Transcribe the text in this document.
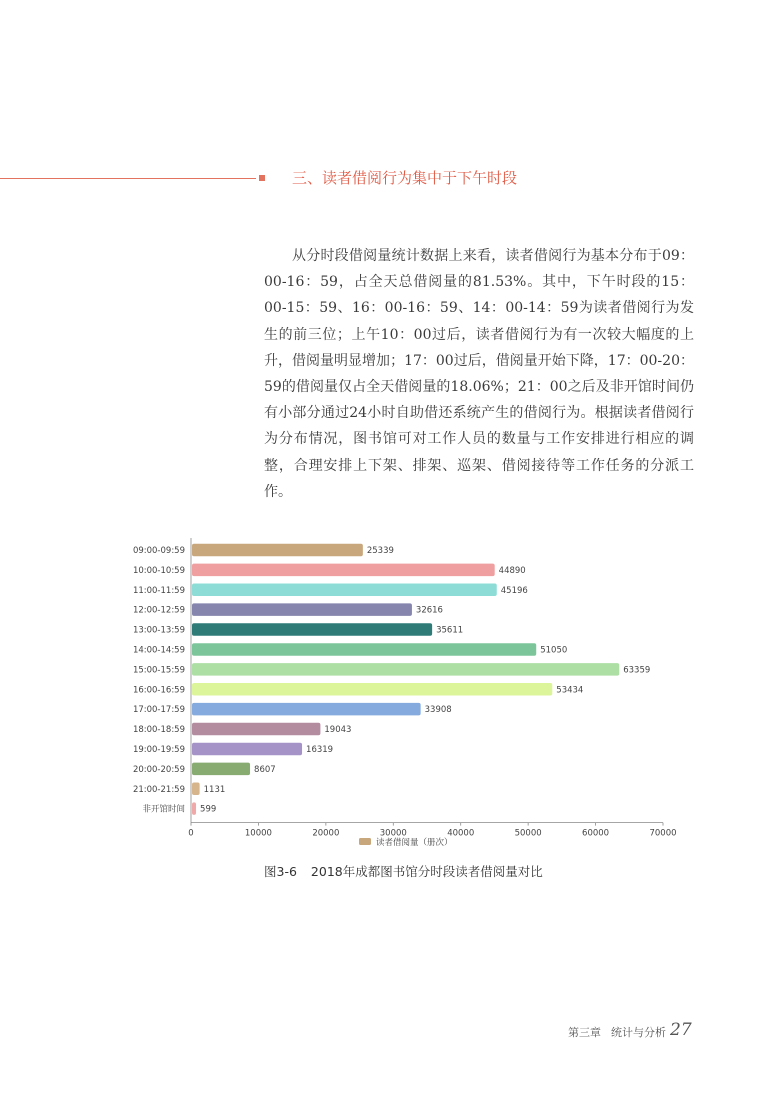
三、读者借阅行为集中于下午时段

从分时段借阅量统计数据上来看，读者借阅行为基本分布于09：00-16：59，占全天总借阅量的81.53%。其中，下午时段的15：00-15：59、16：00-16：59、14：00-14：59为读者借阅行为发生的前三位；上午10：00过后，读者借阅行为有一次较大幅度的上升，借阅量明显增加；17：00过后，借阅量开始下降，17：00-20：59的借阅量仅占全天借阅量的18.06%；21：00之后及非开馆时间仍有小部分通过24小时自助借还系统产生的借阅行为。根据读者借阅行为分布情况，图书馆可对工作人员的数量与工作安排进行相应的调整，合理安排上下架、排架、巡架、借阅接待等工作任务的分派工作。

25339
44890
45196
32616
35611
51050
63359
53434
33908
19043
16319
8607
1131
599
09:00-09:59
10:00-10:59
11:00-11:59
12:00-12:59
13:00-13:59
14:00-14:59
15:00-15:59
16:00-16:59
17:00-17:59
18:00-18:59
19:00-19:59
20:00-20:59
21:00-21:59
非开馆时间
0	10000	20000	30000	40000	50000	60000	70000
读者借阅量（册次）
图3-6 2018年成都图书馆分时段读者借阅量对比
第三章 统计与分析 27
